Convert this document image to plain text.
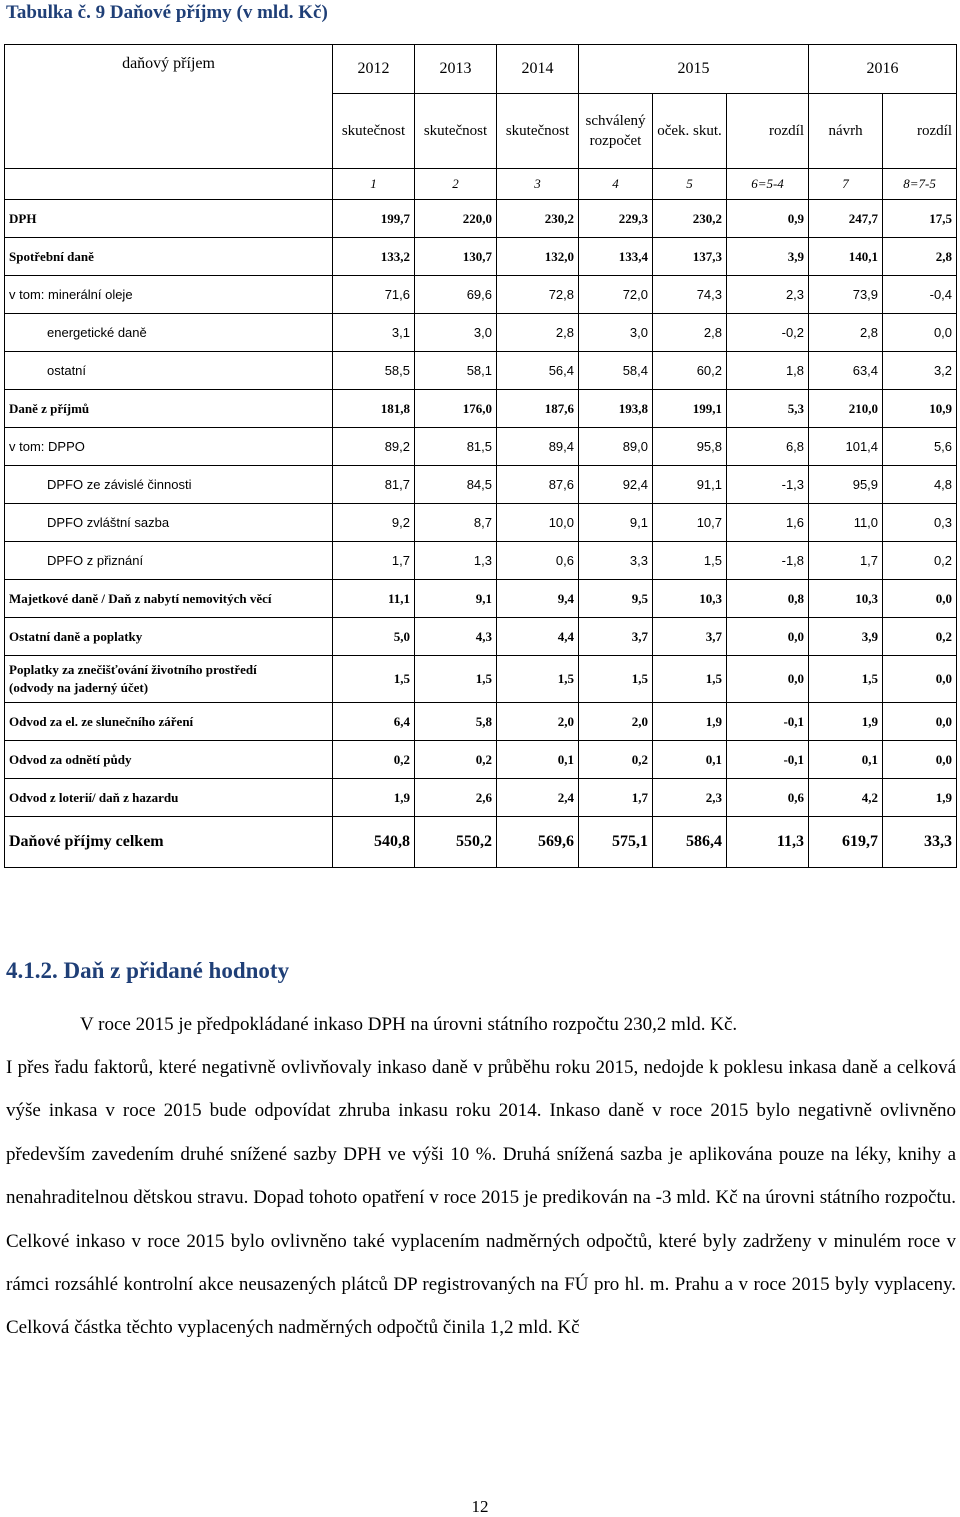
Tabulka č. 9 Daňové příjmy (v mld. Kč)
daňový příjem	2012	2013	2014	2015			2016	
	skutečnost	skutečnost	skutečnost	schválený rozpočet	oček. skut.	rozdíl	návrh	rozdíl
	1	2	3	4	5	6=5-4	7	8=7-5
DPH	199,7	220,0	230,2	229,3	230,2	0,9	247,7	17,5
Spotřební daně	133,2	130,7	132,0	133,4	137,3	3,9	140,1	2,8
v tom: minerální oleje	71,6	69,6	72,8	72,0	74,3	2,3	73,9	-0,4
energetické daně	3,1	3,0	2,8	3,0	2,8	-0,2	2,8	0,0
ostatní	58,5	58,1	56,4	58,4	60,2	1,8	63,4	3,2
Daně z příjmů	181,8	176,0	187,6	193,8	199,1	5,3	210,0	10,9
v tom: DPPO	89,2	81,5	89,4	89,0	95,8	6,8	101,4	5,6
DPFO ze závislé činnosti	81,7	84,5	87,6	92,4	91,1	-1,3	95,9	4,8
DPFO zvláštní sazba	9,2	8,7	10,0	9,1	10,7	1,6	11,0	0,3
DPFO z přiznání	1,7	1,3	0,6	3,3	1,5	-1,8	1,7	0,2
Majetkové daně / Daň z nabytí nemovitých věcí	11,1	9,1	9,4	9,5	10,3	0,8	10,3	0,0
Ostatní daně a poplatky	5,0	4,3	4,4	3,7	3,7	0,0	3,9	0,2
Poplatky za znečišťování životního prostředí
(odvody na jaderný účet)	1,5	1,5	1,5	1,5	1,5	0,0	1,5	0,0
Odvod za el. ze slunečního záření	6,4	5,8	2,0	2,0	1,9	-0,1	1,9	0,0
Odvod za odnětí půdy	0,2	0,2	0,1	0,2	0,1	-0,1	0,1	0,0
Odvod z loterií/ daň z hazardu	1,9	2,6	2,4	1,7	2,3	0,6	4,2	1,9
Daňové příjmy celkem	540,8	550,2	569,6	575,1	586,4	11,3	619,7	33,3
4.1.2. Daň z přidané hodnoty
V roce 2015 je předpokládané inkaso DPH na úrovni státního rozpočtu 230,2 mld. Kč.
I přes řadu faktorů, které negativně ovlivňovaly inkaso daně v průběhu roku 2015, nedojde k poklesu inkasa daně a celková výše inkasa v roce 2015 bude odpovídat zhruba inkasu roku 2014. Inkaso daně v roce 2015 bylo negativně ovlivněno především zavedením druhé snížené sazby DPH ve výši 10 %. Druhá snížená sazba je aplikována pouze na léky, knihy a nenahraditelnou dětskou stravu. Dopad tohoto opatření v roce 2015 je predikován na -3 mld. Kč na úrovni státního rozpočtu. Celkové inkaso v roce 2015 bylo ovlivněno také vyplacením nadměrných odpočtů, které byly zadrženy v minulém roce v rámci rozsáhlé kontrolní akce neusazených plátců DP registrovaných na FÚ pro hl. m. Prahu a v roce 2015 byly vyplaceny. Celková částka těchto vyplacených nadměrných odpočtů činila 1,2 mld. Kč
12
